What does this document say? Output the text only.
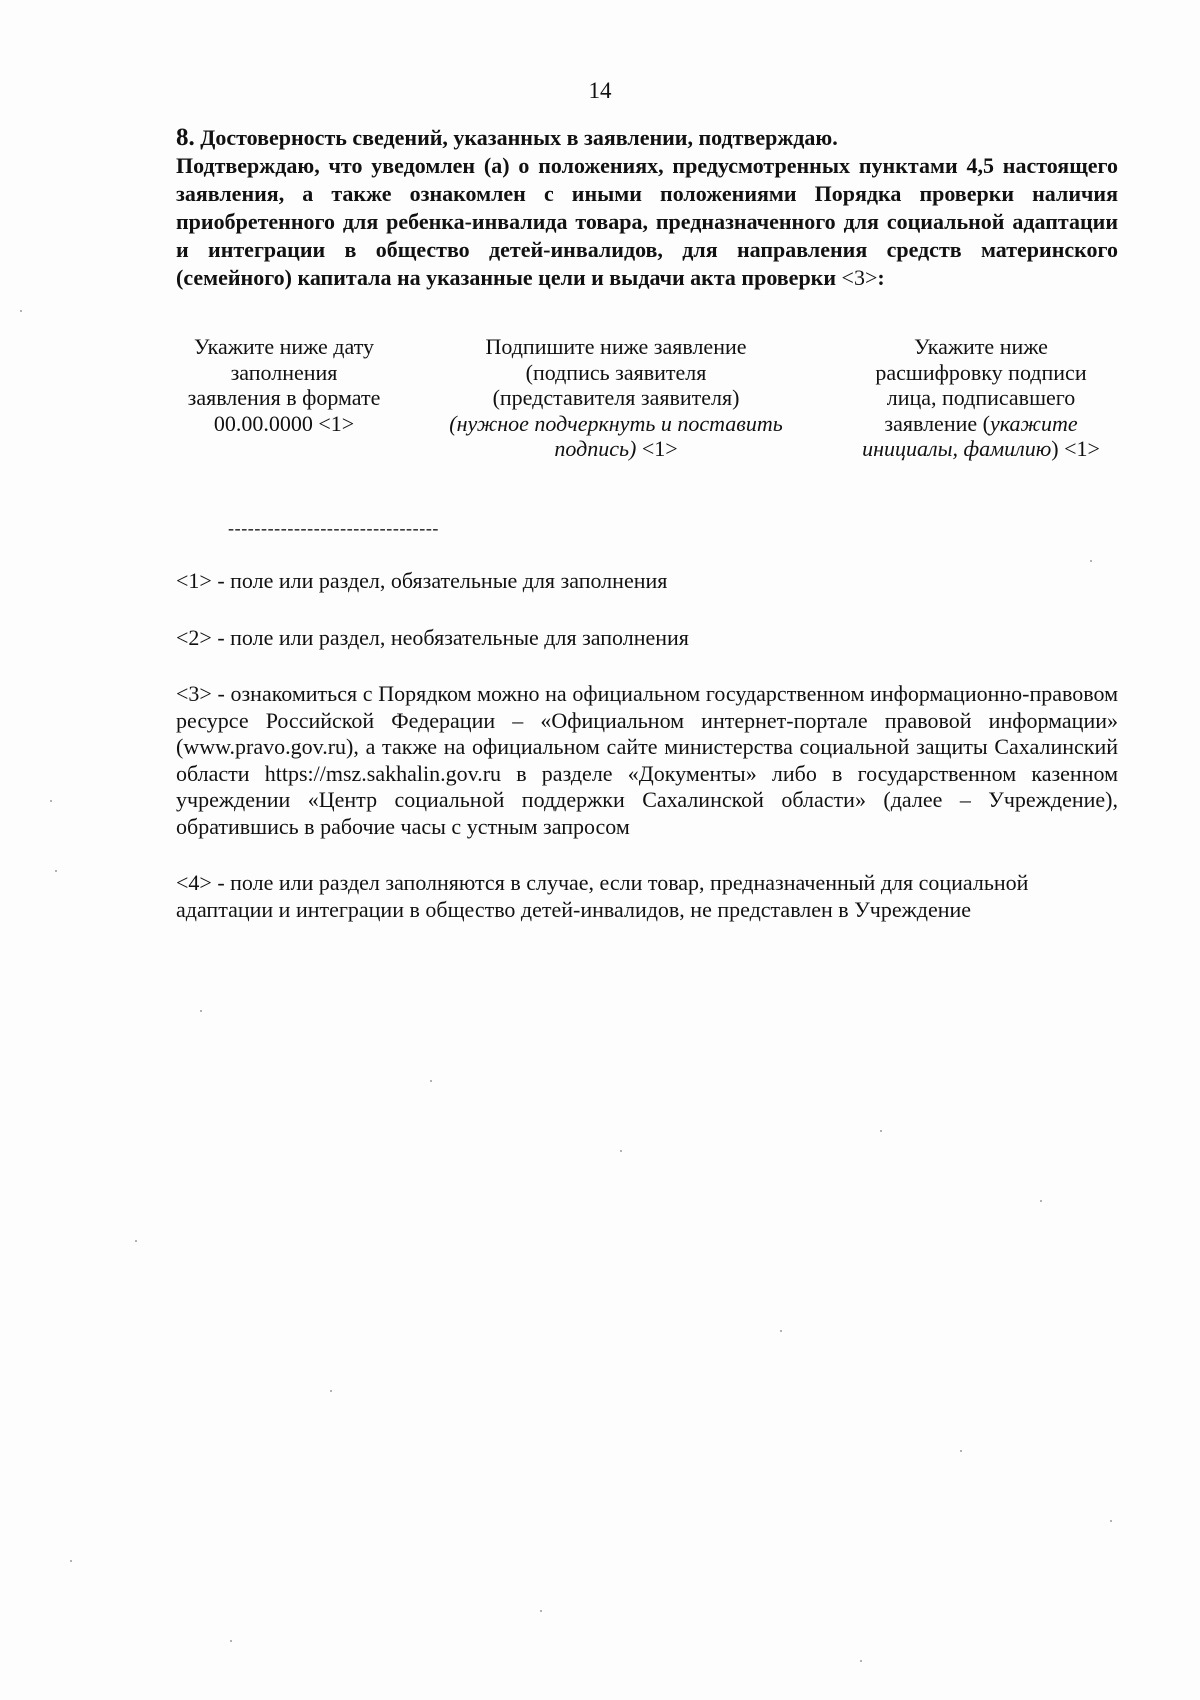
14

8. Достоверность сведений, указанных в заявлении, подтверждаю.

Подтверждаю, что уведомлен (а) о положениях, предусмотренных пунктами 4,5 настоящего заявления, а также ознакомлен с иными положениями Порядка проверки наличия приобретенного для ребенка-инвалида товара, предназначенного для социальной адаптации и интеграции в общество детей-инвалидов, для направления средств материнского (семейного) капитала на указанные цели и выдачи акта проверки <3>:

Укажите ниже дату
заполнения
заявления в формате
00.00.0000 <1>
Подпишите ниже заявление
(подпись заявителя
(представителя заявителя)
(нужное подчеркнуть и поставить
подпись) <1>
Укажите ниже
расшифровку подписи
лица, подписавшего
заявление (укажите
инициалы, фамилию) <1>
--------------------------------

<1> - поле или раздел, обязательные для заполнения

<2> - поле или раздел, необязательные для заполнения

<3> - ознакомиться с Порядком можно на официальном государственном информационно-правовом ресурсе Российской Федерации – «Официальном интернет-портале правовой информации» (www.pravo.gov.ru), а также на официальном сайте министерства социальной защиты Сахалинский области https://msz.sakhalin.gov.ru в разделе «Документы» либо в государственном казенном учреждении «Центр социальной поддержки Сахалинской области» (далее – Учреждение), обратившись в рабочие часы с устным запросом

<4> - поле или раздел заполняются в случае, если товар, предназначенный для социальной адаптации и интеграции в общество детей-инвалидов, не представлен в Учреждение
